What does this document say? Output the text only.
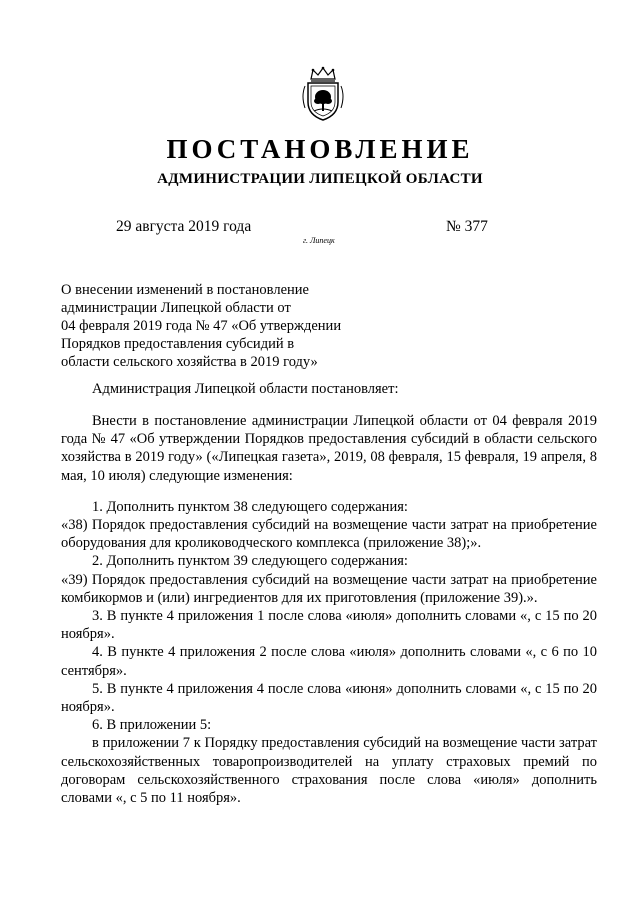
ПОСТАНОВЛЕНИЕ
АДМИНИСТРАЦИИ ЛИПЕЦКОЙ ОБЛАСТИ
29 августа 2019 года
г. Липецк
№ 377
О внесении изменений в постановление
администрации Липецкой области от
04 февраля 2019 года № 47 «Об утверждении
Порядков предоставления субсидий в
области сельского хозяйства в 2019 году»
Администрация Липецкой области постановляет:

Внести в постановление администрации Липецкой области от 04 февраля 2019 года № 47 «Об утверждении Порядков предоставления субсидий в области сельского хозяйства в 2019 году» («Липецкая газета», 2019, 08 февраля, 15 февраля, 19 апреля, 8 мая, 10 июля) следующие изменения:

1. Дополнить пунктом 38 следующего содержания:

«38) Порядок предоставления субсидий на возмещение части затрат на приобретение оборудования для кролиководческого комплекса (приложение 38);».

2. Дополнить пунктом 39 следующего содержания:

«39) Порядок предоставления субсидий на возмещение части затрат на приобретение комбикормов и (или) ингредиентов для их приготовления (приложение 39).».

3. В пункте 4 приложения 1 после слова «июля» дополнить словами «, с 15 по 20 ноября».

4. В пункте 4 приложения 2 после слова «июля» дополнить словами «, с 6 по 10 сентября».

5. В пункте 4 приложения 4 после слова «июня» дополнить словами «, с 15 по 20 ноября».

6. В приложении 5:

в приложении 7 к Порядку предоставления субсидий на возмещение части затрат сельскохозяйственных товаропроизводителей на уплату страховых премий по договорам сельскохозяйственного страхования после слова «июля» дополнить словами «, с 5 по 11 ноября».
